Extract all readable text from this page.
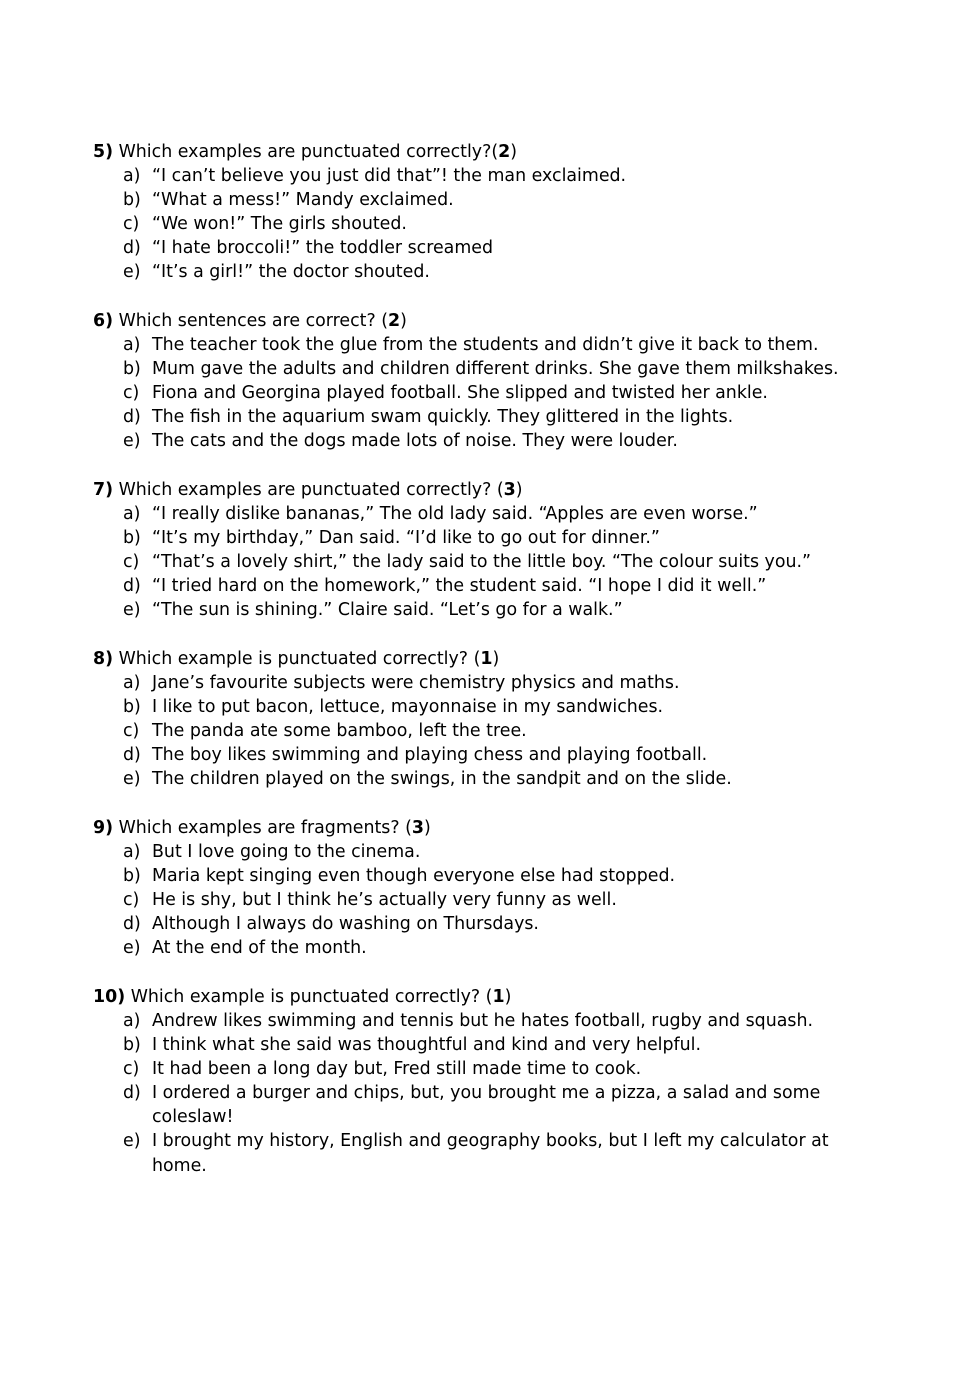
5) Which examples are punctuated correctly?(2)
a) “I can’t believe you just did that”! the man exclaimed.
b) “What a mess!” Mandy exclaimed.
c) “We won!” The girls shouted.
d) “I hate broccoli!” the toddler screamed
e) “It’s a girl!” the doctor shouted.
6) Which sentences are correct? (2)
a) The teacher took the glue from the students and didn’t give it back to them.
b) Mum gave the adults and children different drinks. She gave them milkshakes.
c) Fiona and Georgina played football. She slipped and twisted her ankle.
d) The fish in the aquarium swam quickly. They glittered in the lights.
e) The cats and the dogs made lots of noise. They were louder.
7) Which examples are punctuated correctly? (3)
a) “I really dislike bananas,” The old lady said. “Apples are even worse.”
b) “It’s my birthday,” Dan said. “I’d like to go out for dinner.”
c) “That’s a lovely shirt,” the lady said to the little boy. “The colour suits you.”
d) “I tried hard on the homework,” the student said. “I hope I did it well.”
e) “The sun is shining.” Claire said. “Let’s go for a walk.”
8) Which example is punctuated correctly? (1)
a) Jane’s favourite subjects were chemistry physics and maths.
b) I like to put bacon, lettuce, mayonnaise in my sandwiches.
c) The panda ate some bamboo, left the tree.
d) The boy likes swimming and playing chess and playing football.
e) The children played on the swings, in the sandpit and on the slide.
9) Which examples are fragments? (3)
a) But I love going to the cinema.
b) Maria kept singing even though everyone else had stopped.
c) He is shy, but I think he’s actually very funny as well.
d) Although I always do washing on Thursdays.
e) At the end of the month.
10) Which example is punctuated correctly? (1)
a) Andrew likes swimming and tennis but he hates football, rugby and squash.
b) I think what she said was thoughtful and kind and very helpful.
c) It had been a long day but, Fred still made time to cook.
d) I ordered a burger and chips, but, you brought me a pizza, a salad and some coleslaw!
e) I brought my history, English and geography books, but I left my calculator at home.
